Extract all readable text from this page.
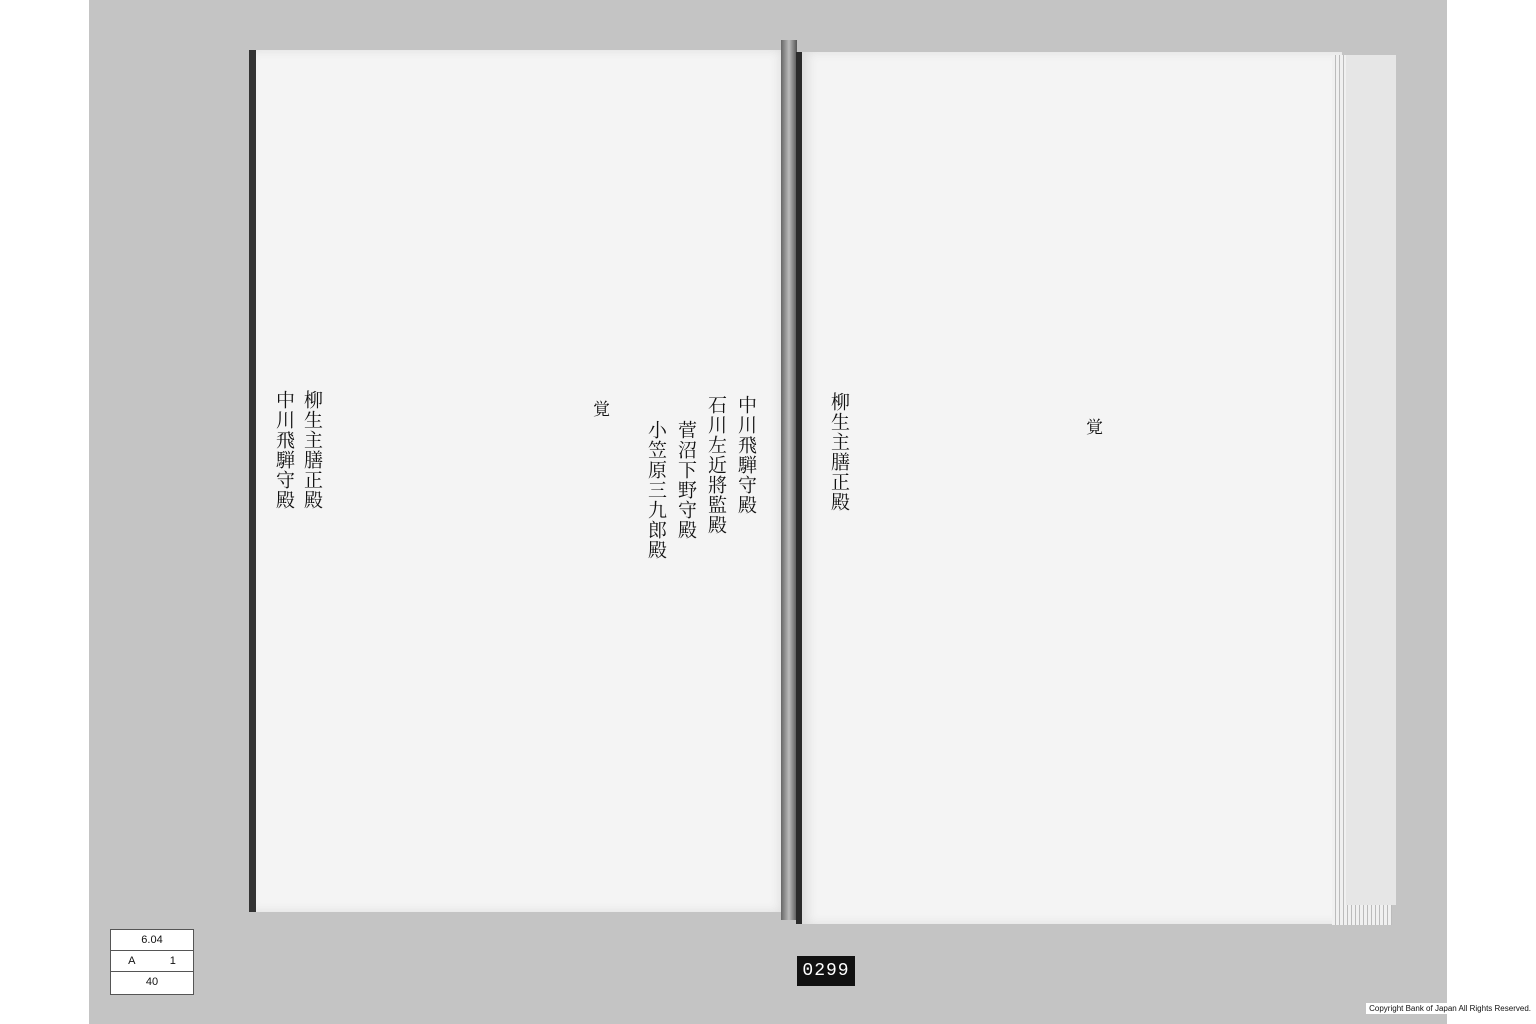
中川飛騨守殿
石川左近將監殿
菅沼下野守殿
小笠原三九郎殿
覚
柳生主膳正殿
中川飛騨守殿	覚
柳生主膳正殿
6.04
A	1
40
0299
Copyright Bank of Japan All Rights Reserved.
